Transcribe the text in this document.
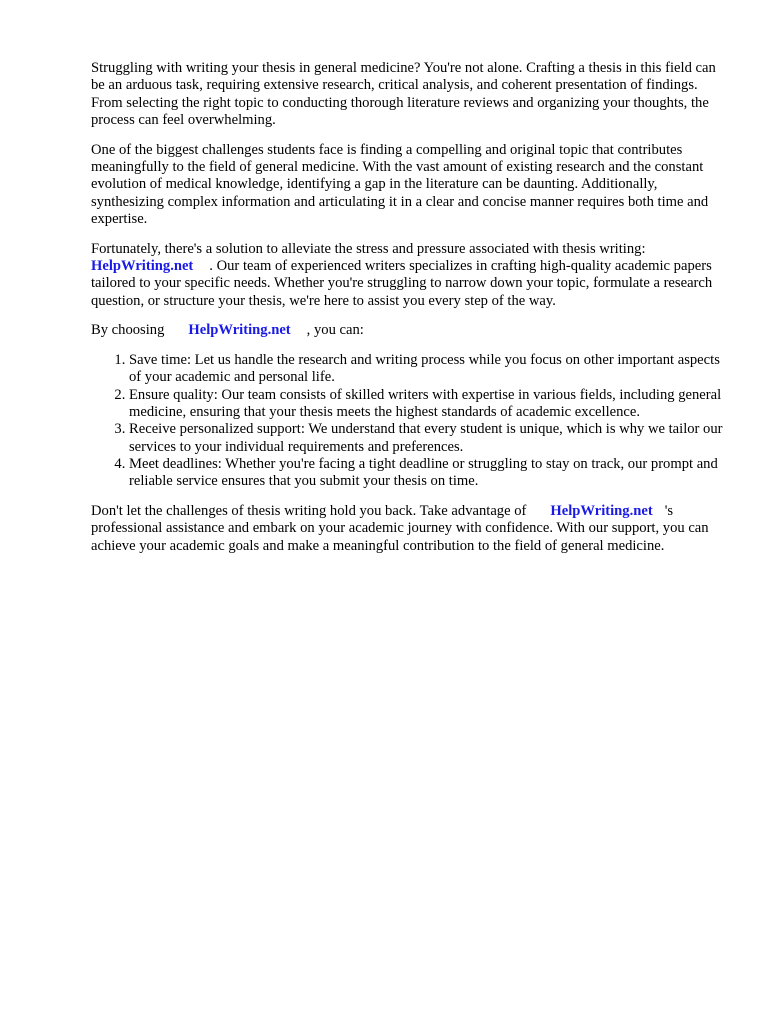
Struggling with writing your thesis in general medicine? You're not alone. Crafting a thesis in this field can be an arduous task, requiring extensive research, critical analysis, and coherent presentation of findings. From selecting the right topic to conducting thorough literature reviews and organizing your thoughts, the process can feel overwhelming.

One of the biggest challenges students face is finding a compelling and original topic that contributes meaningfully to the field of general medicine. With the vast amount of existing research and the constant evolution of medical knowledge, identifying a gap in the literature can be daunting. Additionally, synthesizing complex information and articulating it in a clear and concise manner requires both time and expertise.

Fortunately, there's a solution to alleviate the stress and pressure associated with thesis writing:
HelpWriting.net . Our team of experienced writers specializes in crafting high-quality academic papers tailored to your specific needs. Whether you're struggling to narrow down your topic, formulate a research question, or structure your thesis, we're here to assist you every step of the way.

By choosing HelpWriting.net , you can:

1. Save time: Let us handle the research and writing process while you focus on other important aspects of your academic and personal life.
2. Ensure quality: Our team consists of skilled writers with expertise in various fields, including general medicine, ensuring that your thesis meets the highest standards of academic excellence.
3. Receive personalized support: We understand that every student is unique, which is why we tailor our services to your individual requirements and preferences.
4. Meet deadlines: Whether you're facing a tight deadline or struggling to stay on track, our prompt and reliable service ensures that you submit your thesis on time.

Don't let the challenges of thesis writing hold you back. Take advantage of HelpWriting.net 's professional assistance and embark on your academic journey with confidence. With our support, you can achieve your academic goals and make a meaningful contribution to the field of general medicine.
